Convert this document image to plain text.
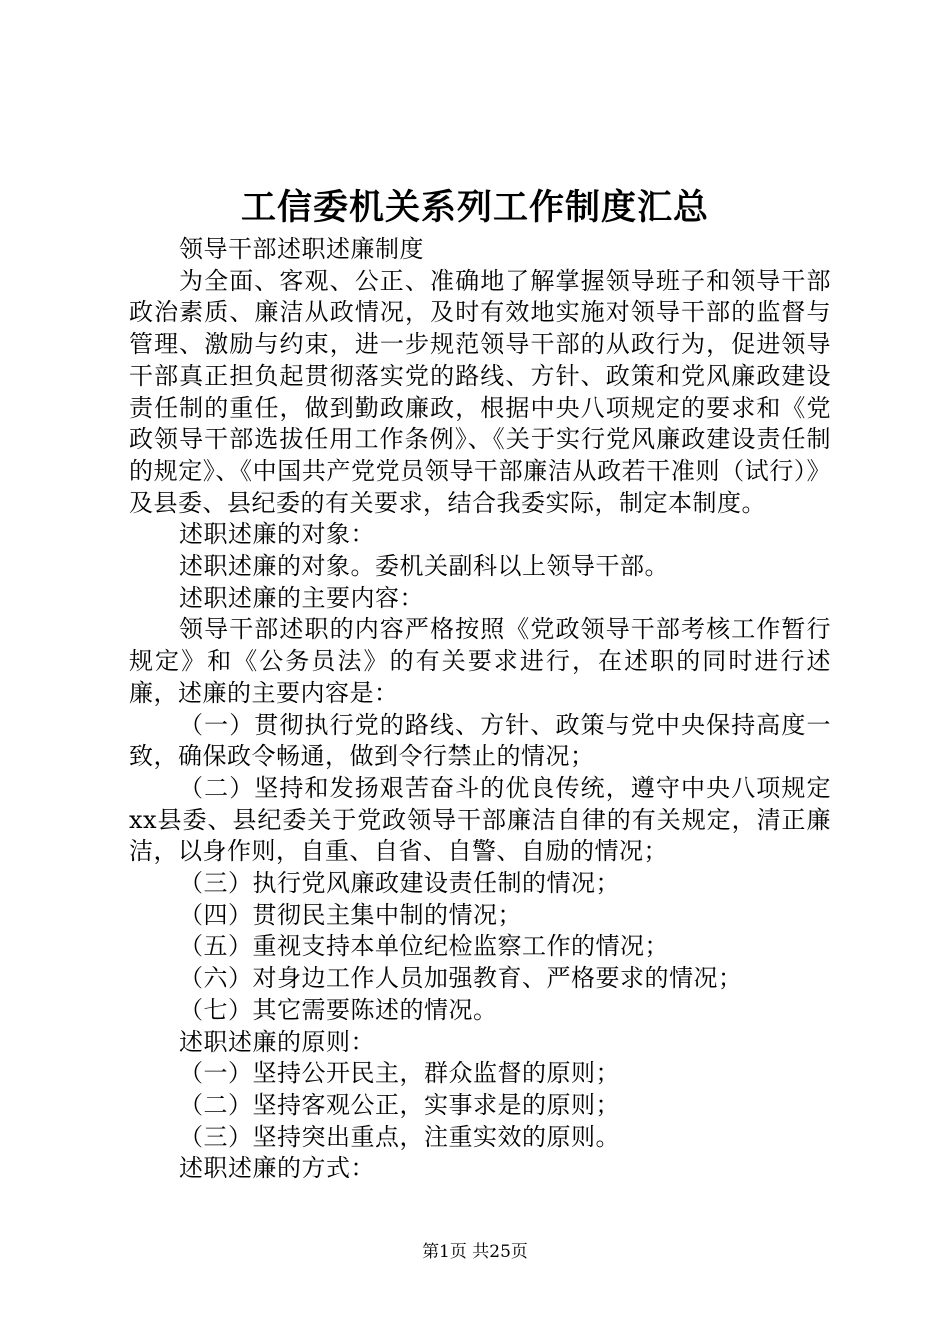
工信委机关系列工作制度汇总

领导干部述职述廉制度

为全面、客观、公正、准确地了解掌握领导班子和领导干部政治素质、廉洁从政情况，及时有效地实施对领导干部的监督与管理、激励与约束，进一步规范领导干部的从政行为，促进领导干部真正担负起贯彻落实党的路线、方针、政策和党风廉政建设责任制的重任，做到勤政廉政，根据中央八项规定的要求和《党政领导干部选拔任用工作条例》、《关于实行党风廉政建设责任制的规定》、《中国共产党党员领导干部廉洁从政若干准则（试行）》及县委、县纪委的有关要求，结合我委实际，制定本制度。

述职述廉的对象：

述职述廉的对象。委机关副科以上领导干部。

述职述廉的主要内容：

领导干部述职的内容严格按照《党政领导干部考核工作暂行规定》和《公务员法》的有关要求进行，在述职的同时进行述廉，述廉的主要内容是：

（一）贯彻执行党的路线、方针、政策与党中央保持高度一致，确保政令畅通，做到令行禁止的情况；

（二）坚持和发扬艰苦奋斗的优良传统，遵守中央八项规定xx县委、县纪委关于党政领导干部廉洁自律的有关规定，清正廉洁，以身作则，自重、自省、自警、自励的情况；

（三）执行党风廉政建设责任制的情况；

（四）贯彻民主集中制的情况；

（五）重视支持本单位纪检监察工作的情况；

（六）对身边工作人员加强教育、严格要求的情况；

（七）其它需要陈述的情况。

述职述廉的原则：

（一）坚持公开民主，群众监督的原则；

（二）坚持客观公正，实事求是的原则；

（三）坚持突出重点，注重实效的原则。

述职述廉的方式：

第1页 共25页
